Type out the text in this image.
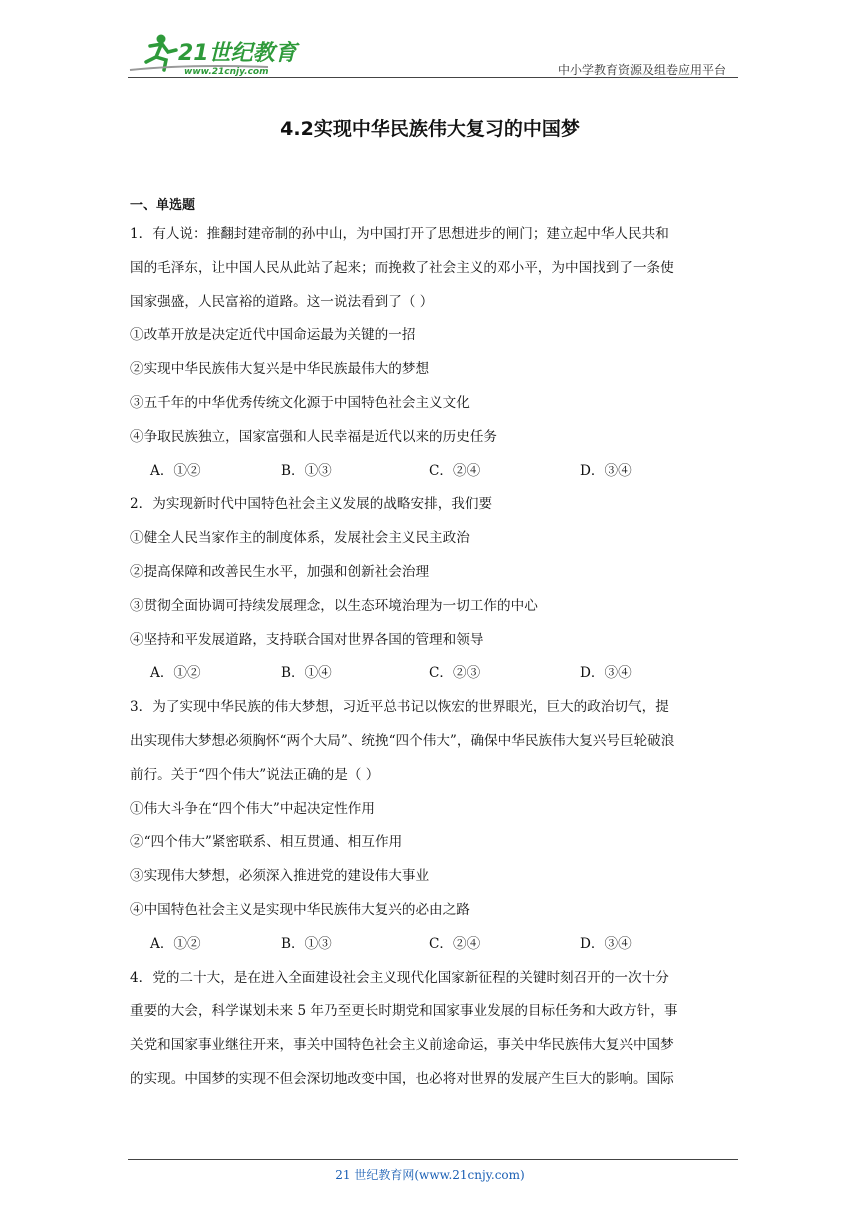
21世纪教育
www.21cnjy.com	中小学教育资源及组卷应用平台
4.2实现中华民族伟大复习的中国梦
一、单选题
1．有人说：推翻封建帝制的孙中山，为中国打开了思想进步的闸门；建立起中华人民共和
国的毛泽东，让中国人民从此站了起来；而挽救了社会主义的邓小平，为中国找到了一条使
国家强盛，人民富裕的道路。这一说法看到了（ ）
①改革开放是决定近代中国命运最为关键的一招
②实现中华民族伟大复兴是中华民族最伟大的梦想
③五千年的中华优秀传统文化源于中国特色社会主义文化
④争取民族独立，国家富强和人民幸福是近代以来的历史任务
A．①②	B．①③	C．②④	D．③④
2．为实现新时代中国特色社会主义发展的战略安排，我们要
①健全人民当家作主的制度体系，发展社会主义民主政治
②提高保障和改善民生水平，加强和创新社会治理
③贯彻全面协调可持续发展理念，以生态环境治理为一切工作的中心
④坚持和平发展道路，支持联合国对世界各国的管理和领导
A．①②	B．①④	C．②③	D．③④
3．为了实现中华民族的伟大梦想，习近平总书记以恢宏的世界眼光，巨大的政治切气，提
出实现伟大梦想必须胸怀“两个大局”、统挽“四个伟大”，确保中华民族伟大复兴号巨轮破浪
前行。关于“四个伟大”说法正确的是（ ）
①伟大斗争在“四个伟大”中起决定性作用
②“四个伟大”紧密联系、相互贯通、相互作用
③实现伟大梦想，必须深入推进党的建设伟大事业
④中国特色社会主义是实现中华民族伟大复兴的必由之路
A．①②	B．①③	C．②④	D．③④
4．党的二十大，是在进入全面建设社会主义现代化国家新征程的关键时刻召开的一次十分
重要的大会，科学谋划未来 5 年乃至更长时期党和国家事业发展的目标任务和大政方针，事
关党和国家事业继往开来，事关中国特色社会主义前途命运，事关中华民族伟大复兴中国梦
的实现。中国梦的实现不但会深切地改变中国，也必将对世界的发展产生巨大的影响。国际
21 世纪教育网(www.21cnjy.com)
